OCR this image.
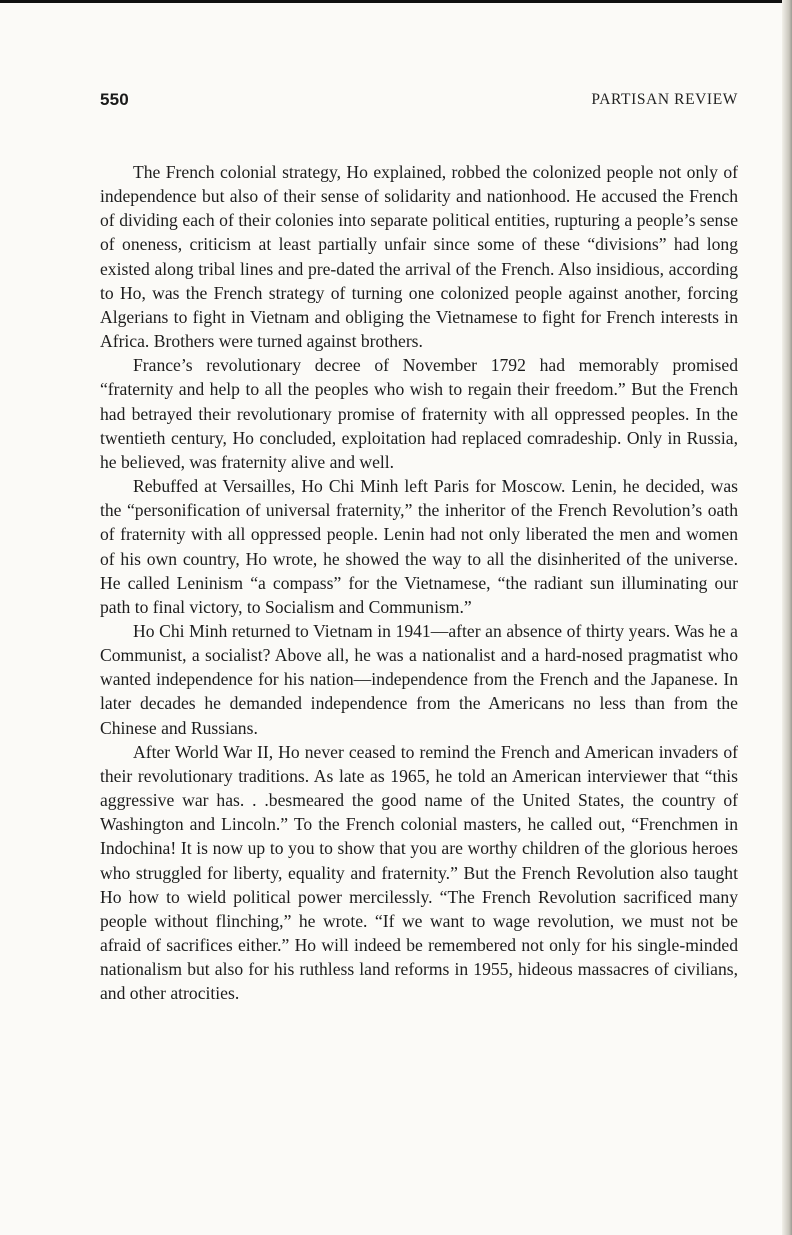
550	PARTISAN REVIEW

The French colonial strategy, Ho explained, robbed the colonized people not only of independence but also of their sense of solidarity and nationhood. He accused the French of dividing each of their colonies into separate political entities, rupturing a people’s sense of oneness, criticism at least partially unfair since some of these “divisions” had long existed along tribal lines and pre-dated the arrival of the French. Also insidious, according to Ho, was the French strategy of turning one colonized people against another, forcing Algerians to fight in Vietnam and obliging the Vietnamese to fight for French interests in Africa. Brothers were turned against brothers.

France’s revolutionary decree of November 1792 had memorably promised “fraternity and help to all the peoples who wish to regain their freedom.” But the French had betrayed their revolutionary promise of fraternity with all oppressed peoples. In the twentieth century, Ho concluded, exploitation had replaced comradeship. Only in Russia, he believed, was fraternity alive and well.

Rebuffed at Versailles, Ho Chi Minh left Paris for Moscow. Lenin, he decided, was the “personification of universal fraternity,” the inheritor of the French Revolution’s oath of fraternity with all oppressed people. Lenin had not only liberated the men and women of his own country, Ho wrote, he showed the way to all the disinherited of the universe. He called Leninism “a compass” for the Vietnamese, “the radiant sun illuminating our path to final victory, to Socialism and Communism.”

Ho Chi Minh returned to Vietnam in 1941—after an absence of thirty years. Was he a Communist, a socialist? Above all, he was a nationalist and a hard-nosed pragmatist who wanted independence for his nation—independence from the French and the Japanese. In later decades he demanded independence from the Americans no less than from the Chinese and Russians.

After World War II, Ho never ceased to remind the French and American invaders of their revolutionary traditions. As late as 1965, he told an American interviewer that “this aggressive war has. . .besmeared the good name of the United States, the country of Washington and Lincoln.” To the French colonial masters, he called out, “Frenchmen in Indochina! It is now up to you to show that you are worthy children of the glorious heroes who struggled for liberty, equality and fraternity.” But the French Revolution also taught Ho how to wield political power mercilessly. “The French Revolution sacrificed many people without flinching,” he wrote. “If we want to wage revolution, we must not be afraid of sacrifices either.” Ho will indeed be remembered not only for his single-minded nationalism but also for his ruthless land reforms in 1955, hideous massacres of civilians, and other atrocities.
